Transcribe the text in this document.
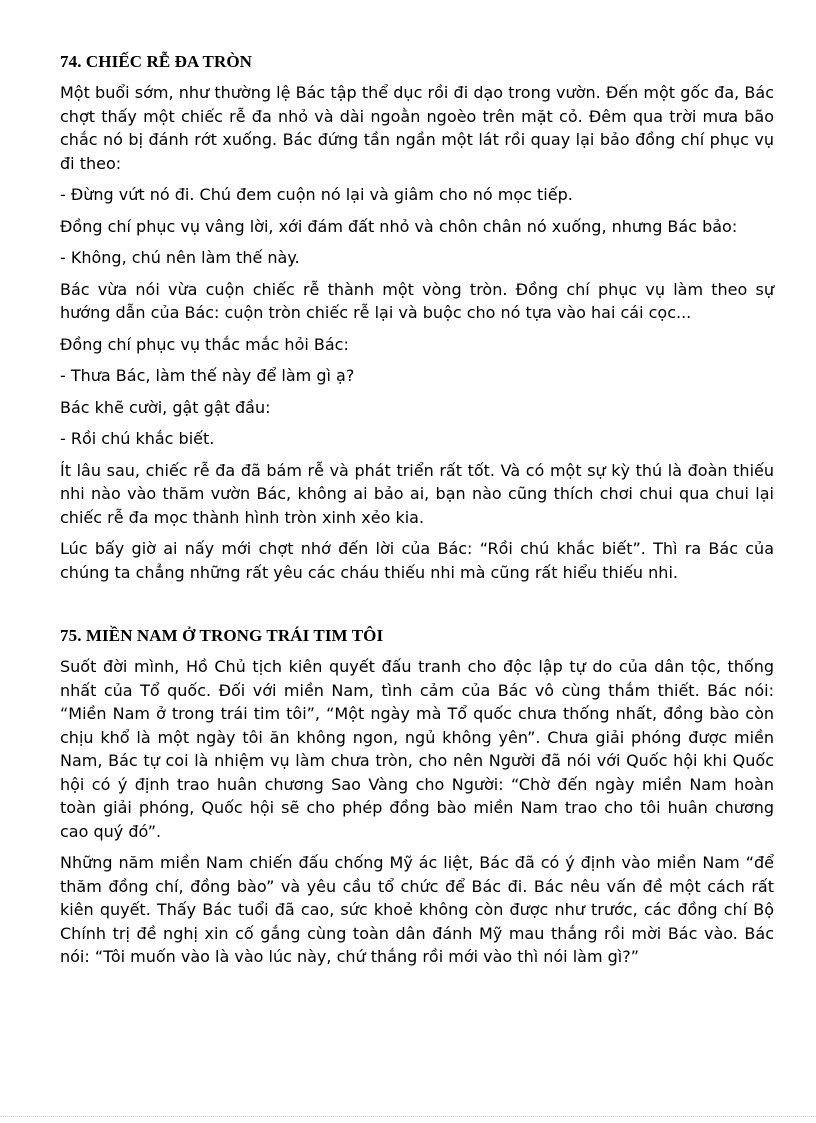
74. CHIẾC RỄ ĐA TRÒN

Một buổi sớm, như thường lệ Bác tập thể dục rồi đi dạo trong vườn. Đến một gốc đa, Bác chợt thấy một chiếc rễ đa nhỏ và dài ngoằn ngoèo trên mặt cỏ. Đêm qua trời mưa bão chắc nó bị đánh rớt xuống. Bác đứng tần ngần một lát rồi quay lại bảo đồng chí phục vụ đi theo:

- Đừng vứt nó đi. Chú đem cuộn nó lại và giâm cho nó mọc tiếp.

Đồng chí phục vụ vâng lời, xới đám đất nhỏ và chôn chân nó xuống, nhưng Bác bảo:

- Không, chú nên làm thế này.

Bác vừa nói vừa cuộn chiếc rễ thành một vòng tròn. Đồng chí phục vụ làm theo sự hướng dẫn của Bác: cuộn tròn chiếc rễ lại và buộc cho nó tựa vào hai cái cọc...

Đồng chí phục vụ thắc mắc hỏi Bác:

- Thưa Bác, làm thế này để làm gì ạ?

Bác khẽ cười, gật gật đầu:

- Rồi chú khắc biết.

Ít lâu sau, chiếc rễ đa đã bám rễ và phát triển rất tốt. Và có một sự kỳ thú là đoàn thiếu nhi nào vào thăm vườn Bác, không ai bảo ai, bạn nào cũng thích chơi chui qua chui lại chiếc rễ đa mọc thành hình tròn xinh xẻo kia.

Lúc bấy giờ ai nấy mới chợt nhớ đến lời của Bác: “Rồi chú khắc biết”. Thì ra Bác của chúng ta chẳng những rất yêu các cháu thiếu nhi mà cũng rất hiểu thiếu nhi.

75. MIỀN NAM Ở TRONG TRÁI TIM TÔI

Suốt đời mình, Hồ Chủ tịch kiên quyết đấu tranh cho độc lập tự do của dân tộc, thống nhất của Tổ quốc. Đối với miền Nam, tình cảm của Bác vô cùng thắm thiết. Bác nói: “Miền Nam ở trong trái tim tôi”, “Một ngày mà Tổ quốc chưa thống nhất, đồng bào còn chịu khổ là một ngày tôi ăn không ngon, ngủ không yên”. Chưa giải phóng được miền Nam, Bác tự coi là nhiệm vụ làm chưa tròn, cho nên Người đã nói với Quốc hội khi Quốc hội có ý định trao huân chương Sao Vàng cho Người: “Chờ đến ngày miền Nam hoàn toàn giải phóng, Quốc hội sẽ cho phép đồng bào miền Nam trao cho tôi huân chương cao quý đó”.

Những năm miền Nam chiến đấu chống Mỹ ác liệt, Bác đã có ý định vào miền Nam “để thăm đồng chí, đồng bào” và yêu cầu tổ chức để Bác đi. Bác nêu vấn đề một cách rất kiên quyết. Thấy Bác tuổi đã cao, sức khoẻ không còn được như trước, các đồng chí Bộ Chính trị đề nghị xin cố gắng cùng toàn dân đánh Mỹ mau thắng rồi mời Bác vào. Bác nói: “Tôi muốn vào là vào lúc này, chứ thắng rồi mới vào thì nói làm gì?”
